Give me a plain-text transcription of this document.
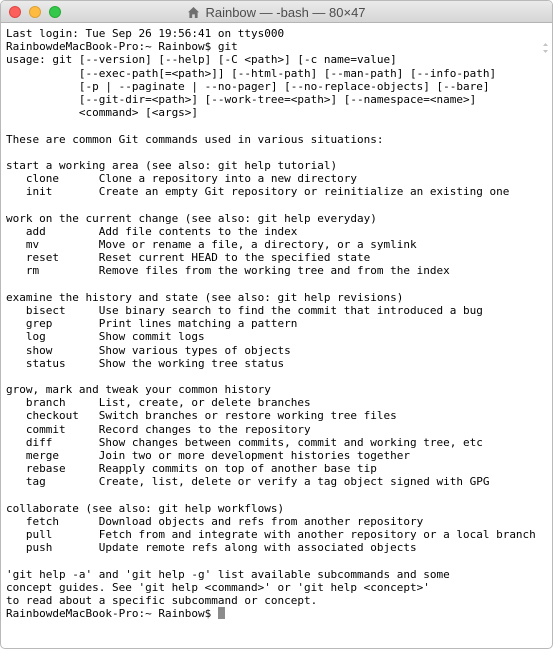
Rainbow — -bash — 80×47
Last login: Tue Sep 26 19:56:41 on ttys000
RainbowdeMacBook-Pro:~ Rainbow$ git
usage: git [--version] [--help] [-C <path>] [-c name=value]
[--exec-path[=<path>]] [--html-path] [--man-path] [--info-path]
[-p | --paginate | --no-pager] [--no-replace-objects] [--bare]
[--git-dir=<path>] [--work-tree=<path>] [--namespace=<name>]
<command> [<args>]
These are common Git commands used in various situations:
start a working area (see also: git help tutorial)
clone      Clone a repository into a new directory
init       Create an empty Git repository or reinitialize an existing one
work on the current change (see also: git help everyday)
add        Add file contents to the index
mv         Move or rename a file, a directory, or a symlink
reset      Reset current HEAD to the specified state
rm         Remove files from the working tree and from the index
examine the history and state (see also: git help revisions)
bisect     Use binary search to find the commit that introduced a bug
grep       Print lines matching a pattern
log        Show commit logs
show       Show various types of objects
status     Show the working tree status
grow, mark and tweak your common history
branch     List, create, or delete branches
checkout   Switch branches or restore working tree files
commit     Record changes to the repository
diff       Show changes between commits, commit and working tree, etc
merge      Join two or more development histories together
rebase     Reapply commits on top of another base tip
tag        Create, list, delete or verify a tag object signed with GPG
collaborate (see also: git help workflows)
fetch      Download objects and refs from another repository
pull       Fetch from and integrate with another repository or a local branch
push       Update remote refs along with associated objects
'git help -a' and 'git help -g' list available subcommands and some
concept guides. See 'git help <command>' or 'git help <concept>'
to read about a specific subcommand or concept.
RainbowdeMacBook-Pro:~ Rainbow$
